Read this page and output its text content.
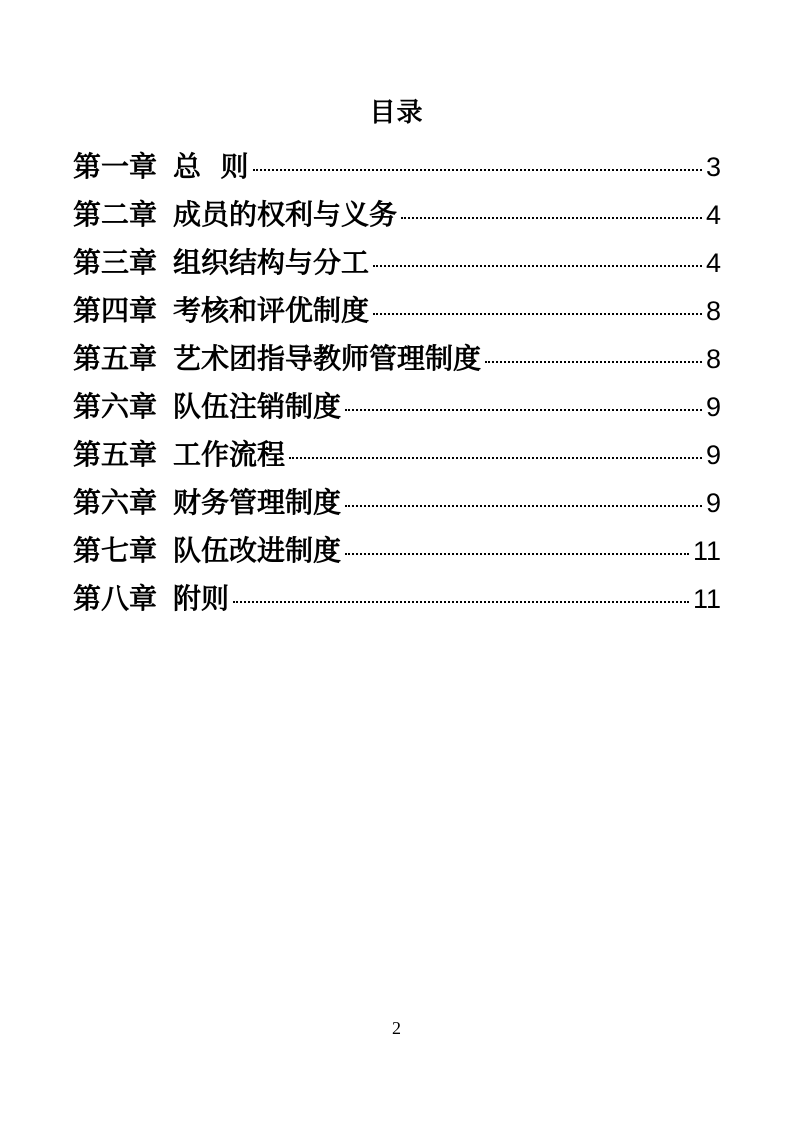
目录
第一章 总  则	3
第二章 成员的权利与义务	4
第三章 组织结构与分工	4
第四章 考核和评优制度	8
第五章 艺术团指导教师管理制度	8
第六章 队伍注销制度	9
第五章 工作流程	9
第六章 财务管理制度	9
第七章 队伍改进制度	11
第八章 附则	11
2
